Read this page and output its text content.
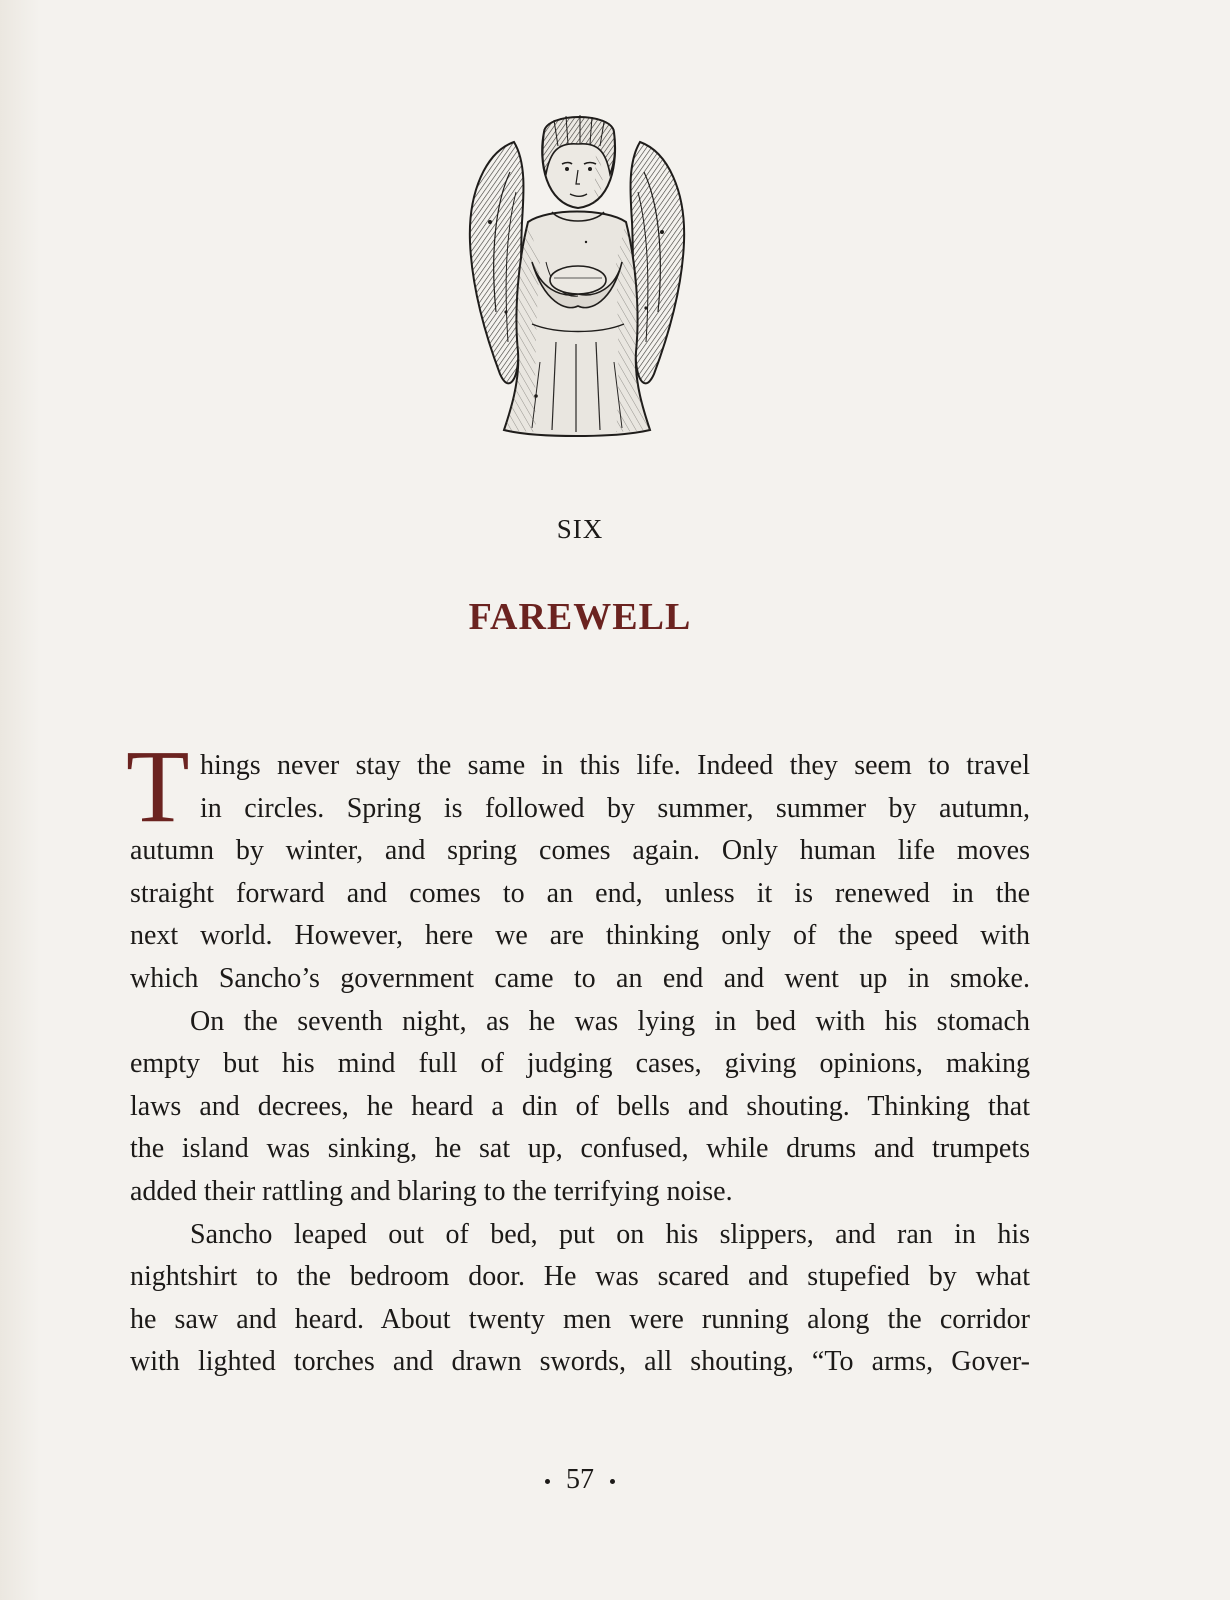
SIX
FAREWELL
T hings never stay the same in this life. Indeed they seem to travel
in circles. Spring is followed by summer, summer by autumn,
autumn by winter, and spring comes again. Only human life moves
straight forward and comes to an end, unless it is renewed in the
next world. However, here we are thinking only of the speed with
which Sancho’s government came to an end and went up in smoke.
On the seventh night, as he was lying in bed with his stomach
empty but his mind full of judging cases, giving opinions, making
laws and decrees, he heard a din of bells and shouting. Thinking that
the island was sinking, he sat up, confused, while drums and trumpets
added their rattling and blaring to the terrifying noise.
Sancho leaped out of bed, put on his slippers, and ran in his
nightshirt to the bedroom door. He was scared and stupefied by what
he saw and heard. About twenty men were running along the corridor
with lighted torches and drawn swords, all shouting, “To arms, Gover-
57
